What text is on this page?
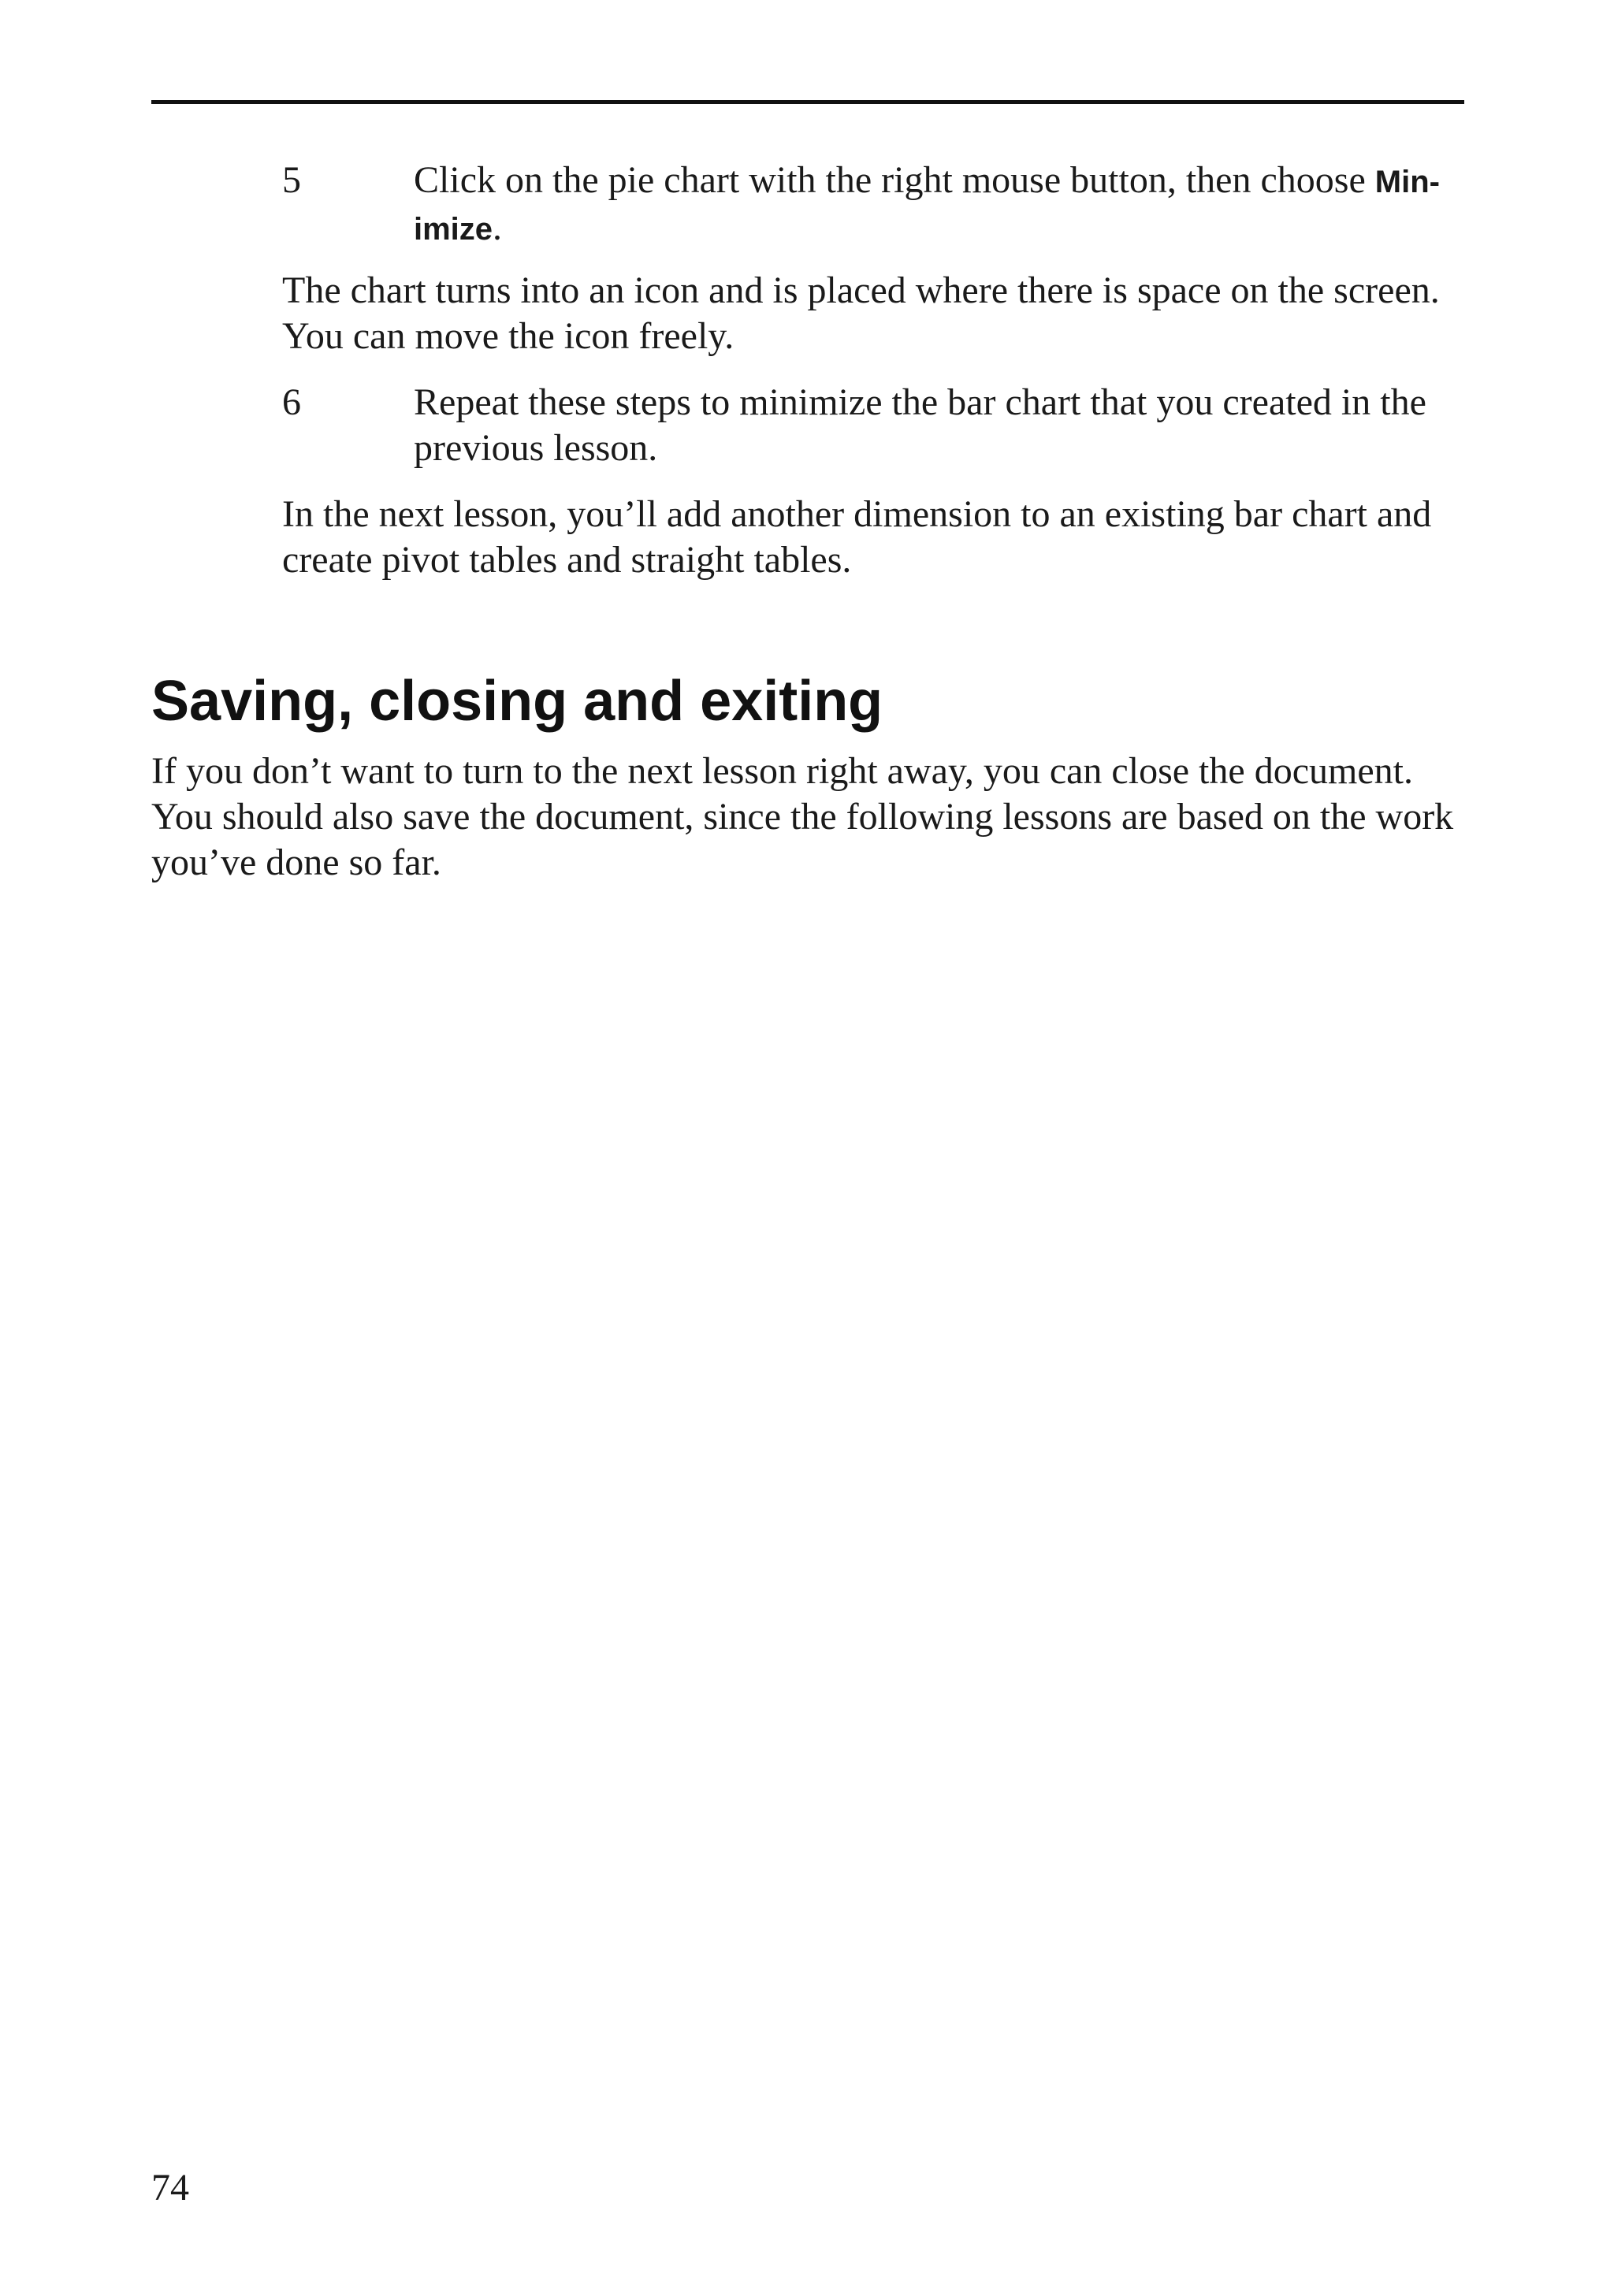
5	Click on the pie chart with the right mouse button, then choose Min-imize.

The chart turns into an icon and is placed where there is space on the screen. You can move the icon freely.

6	Repeat these steps to minimize the bar chart that you created in the previous lesson.

In the next lesson, you’ll add another dimension to an existing bar chart and create pivot tables and straight tables.

Saving, closing and exiting

If you don’t want to turn to the next lesson right away, you can close the document. You should also save the document, since the following lessons are based on the work you’ve done so far.

74
